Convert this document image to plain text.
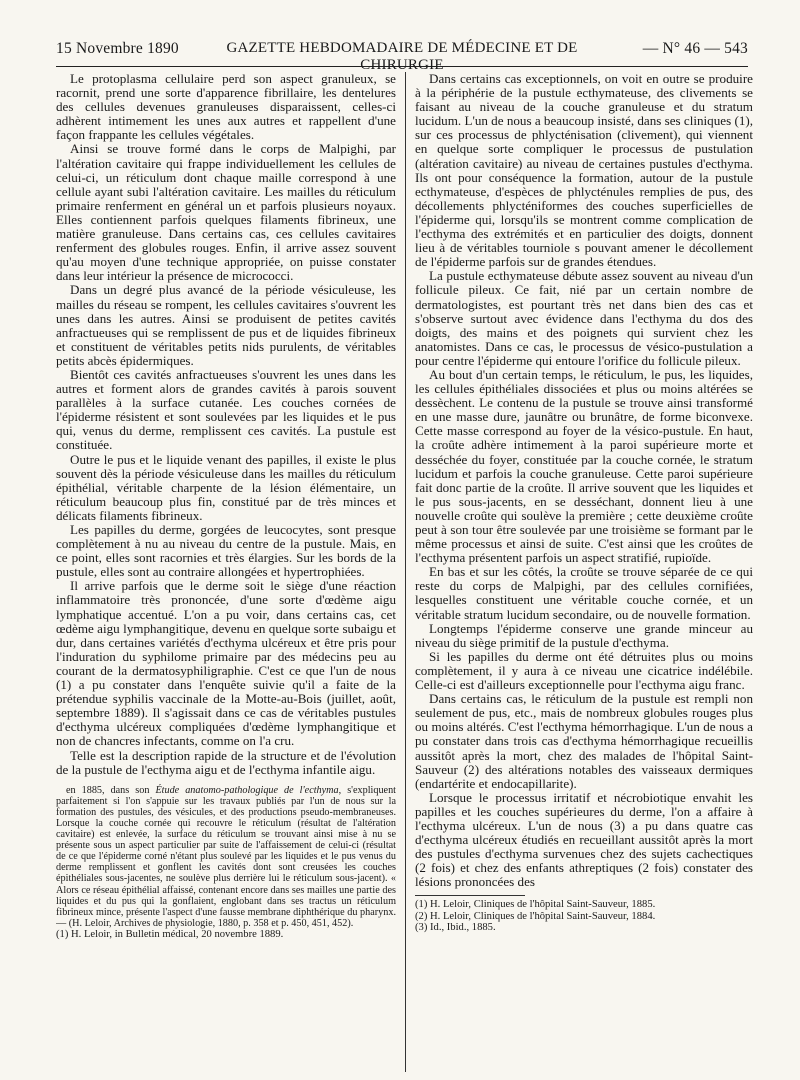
15 Novembre 1890	GAZETTE HEBDOMADAIRE DE MÉDECINE ET DE CHIRURGIE
— N° 46 — 543

Le protoplasma cellulaire perd son aspect granuleux, se racornit, prend une sorte d'apparence fibrillaire, les dentelures des cellules devenues granuleuses disparaissent, celles-ci adhèrent intimement les unes aux autres et rappellent d'une façon frappante les cellules végétales.

Ainsi se trouve formé dans le corps de Malpighi, par l'altération cavitaire qui frappe individuellement les cellules de celui-ci, un réticulum dont chaque maille correspond à une cellule ayant subi l'altération cavitaire. Les mailles du réticulum primaire renferment en général un et parfois plusieurs noyaux. Elles contiennent parfois quelques filaments fibrineux, une matière granuleuse. Dans certains cas, ces cellules cavitaires renferment des globules rouges. Enfin, il arrive assez souvent qu'au moyen d'une technique appropriée, on puisse constater dans leur intérieur la présence de micrococci.

Dans un degré plus avancé de la période vésiculeuse, les mailles du réseau se rompent, les cellules cavitaires s'ouvrent les unes dans les autres. Ainsi se produisent de petites cavités anfractueuses qui se remplissent de pus et de liquides fibrineux et constituent de véritables petits nids purulents, de véritables petits abcès épidermiques.

Bientôt ces cavités anfractueuses s'ouvrent les unes dans les autres et forment alors de grandes cavités à parois souvent parallèles à la surface cutanée. Les couches cornées de l'épiderme résistent et sont soulevées par les liquides et le pus qui, venus du derme, remplissent ces cavités. La pustule est constituée.

Outre le pus et le liquide venant des papilles, il existe le plus souvent dès la période vésiculeuse dans les mailles du réticulum épithélial, véritable charpente de la lésion élémentaire, un réticulum beaucoup plus fin, constitué par de très minces et délicats filaments fibrineux.

Les papilles du derme, gorgées de leucocytes, sont presque complètement à nu au niveau du centre de la pustule. Mais, en ce point, elles sont racornies et très élargies. Sur les bords de la pustule, elles sont au contraire allongées et hypertrophiées.

Il arrive parfois que le derme soit le siège d'une réaction inflammatoire très prononcée, d'une sorte d'œdème aigu lymphatique accentué. L'on a pu voir, dans certains cas, cet œdème aigu lymphangitique, devenu en quelque sorte subaigu et dur, dans certaines variétés d'ecthyma ulcéreux et être pris pour l'induration du syphilome primaire par des médecins peu au courant de la dermatosyphiligraphie. C'est ce que l'un de nous (1) a pu constater dans l'enquête suivie qu'il a faite de la prétendue syphilis vaccinale de la Motte-au-Bois (juillet, août, septembre 1889). Il s'agissait dans ce cas de véritables pustules d'ecthyma ulcéreux compliquées d'œdème lymphangitique et non de chancres infectants, comme on l'a cru.

Telle est la description rapide de la structure et de l'évolution de la pustule de l'ecthyma aigu et de l'ecthyma infantile aigu.

en 1885, dans son Étude anatomo-pathologique de l'ecthyma, s'expliquent parfaitement si l'on s'appuie sur les travaux publiés par l'un de nous sur la formation des pustules, des vésicules, et des productions pseudo-membraneuses. Lorsque la couche cornée qui recouvre le réticulum (résultat de l'altération cavitaire) est enlevée, la surface du réticulum se trouvant ainsi mise à nu se présente sous un aspect particulier par suite de l'affaissement de celui-ci (résultat de ce que l'épiderme corné n'étant plus soulevé par les liquides et le pus venus du derme remplissent et gonflent les cavités dont sont creusées les couches épithéliales sous-jacentes, ne soulève plus derrière lui le réticulum sous-jacent). « Alors ce réseau épithélial affaissé, contenant encore dans ses mailles une partie des liquides et du pus qui la gonflaient, englobant dans ses tractus un réticulum fibrineux mince, présente l'aspect d'une fausse membrane diphthérique du pharynx. — (H. Leloir, Archives de physiologie, 1880, p. 358 et p. 450, 451, 452).

(1) H. Leloir, in Bulletin médical, 20 novembre 1889.

Dans certains cas exceptionnels, on voit en outre se produire à la périphérie de la pustule ecthymateuse, des clivements se faisant au niveau de la couche granuleuse et du stratum lucidum. L'un de nous a beaucoup insisté, dans ses cliniques (1), sur ces processus de phlycténisation (clivement), qui viennent en quelque sorte compliquer le processus de pustulation (altération cavitaire) au niveau de certaines pustules d'ecthyma. Ils ont pour conséquence la formation, autour de la pustule ecthymateuse, d'espèces de phlycténules remplies de pus, des décollements phlycténiformes des couches superficielles de l'épiderme qui, lorsqu'ils se montrent comme complication de l'ecthyma des extrémités et en particulier des doigts, donnent lieu à de véritables tourniole s pouvant amener le décollement de l'épiderme parfois sur de grandes étendues.

La pustule ecthymateuse débute assez souvent au niveau d'un follicule pileux. Ce fait, nié par un certain nombre de dermatologistes, est pourtant très net dans bien des cas et s'observe surtout avec évidence dans l'ecthyma du dos des doigts, des mains et des poignets qui survient chez les anatomistes. Dans ce cas, le processus de vésico-pustulation a pour centre l'épiderme qui entoure l'orifice du follicule pileux.

Au bout d'un certain temps, le réticulum, le pus, les liquides, les cellules épithéliales dissociées et plus ou moins altérées se dessèchent. Le contenu de la pustule se trouve ainsi transformé en une masse dure, jaunâtre ou brunâtre, de forme biconvexe. Cette masse correspond au foyer de la vésico-pustule. En haut, la croûte adhère intimement à la paroi supérieure morte et desséchée du foyer, constituée par la couche cornée, le stratum lucidum et parfois la couche granuleuse. Cette paroi supérieure fait donc partie de la croûte. Il arrive souvent que les liquides et le pus sous-jacents, en se desséchant, donnent lieu à une nouvelle croûte qui soulève la première ; cette deuxième croûte peut à son tour être soulevée par une troisième se formant par le même processus et ainsi de suite. C'est ainsi que les croûtes de l'ecthyma présentent parfois un aspect stratifié, rupioïde.

En bas et sur les côtés, la croûte se trouve séparée de ce qui reste du corps de Malpighi, par des cellules cornifiées, lesquelles constituent une véritable couche cornée, et un véritable stratum lucidum secondaire, ou de nouvelle formation.

Longtemps l'épiderme conserve une grande minceur au niveau du siège primitif de la pustule d'ecthyma.

Si les papilles du derme ont été détruites plus ou moins complètement, il y aura à ce niveau une cicatrice indélébile. Celle-ci est d'ailleurs exceptionnelle pour l'ecthyma aigu franc.

Dans certains cas, le réticulum de la pustule est rempli non seulement de pus, etc., mais de nombreux globules rouges plus ou moins altérés. C'est l'ecthyma hémorrhagique. L'un de nous a pu constater dans trois cas d'ecthyma hémorrhagique recueillis aussitôt après la mort, chez des malades de l'hôpital Saint-Sauveur (2) des altérations notables des vaisseaux dermiques (endartérite et endocapillarite).

Lorsque le processus irritatif et nécrobiotique envahit les papilles et les couches supérieures du derme, l'on a affaire à l'ecthyma ulcéreux. L'un de nous (3) a pu dans quatre cas d'ecthyma ulcéreux étudiés en recueillant aussitôt après la mort des pustules d'ecthyma survenues chez des sujets cachectiques (2 fois) et chez des enfants athreptiques (2 fois) constater des lésions prononcées des

(1) H. Leloir, Cliniques de l'hôpital Saint-Sauveur, 1885.
(2) H. Leloir, Cliniques de l'hôpital Saint-Sauveur, 1884.
(3) Id., Ibid., 1885.
